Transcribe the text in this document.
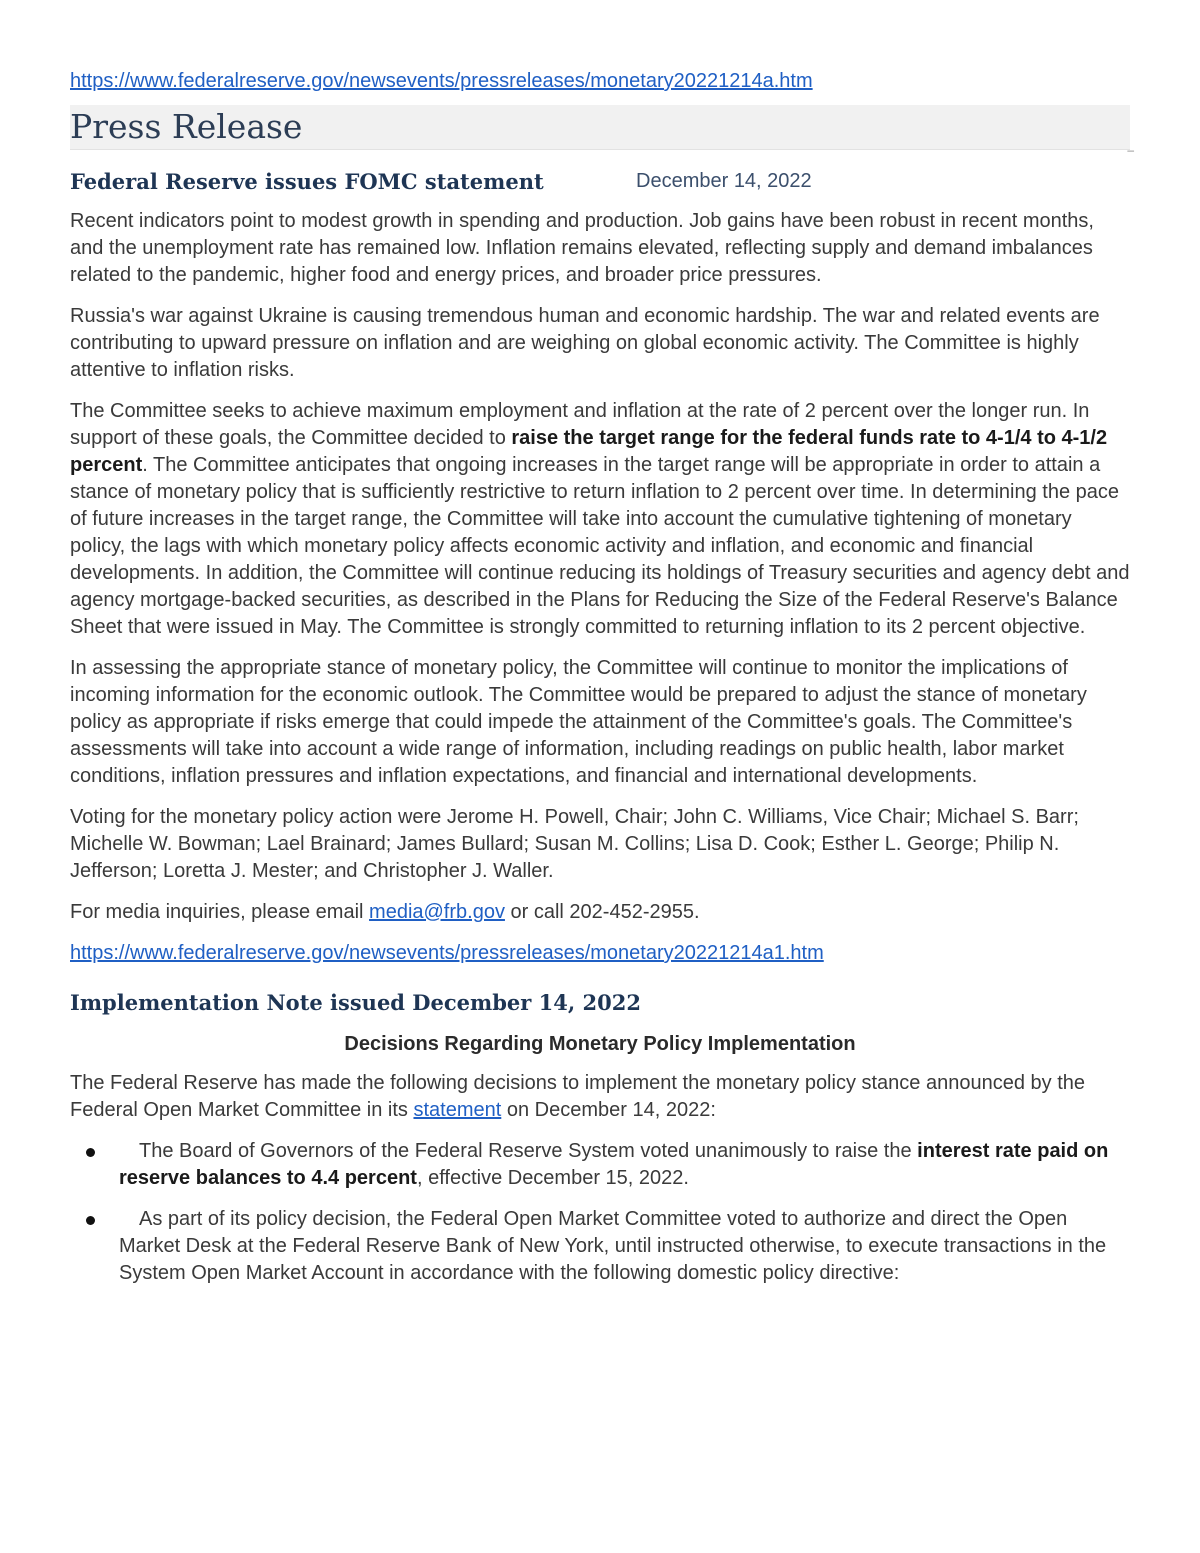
https://www.federalreserve.gov/newsevents/pressreleases/monetary20221214a.htm
Press Release
–
Federal Reserve issues FOMC statement	December 14, 2022

Recent indicators point to modest growth in spending and production. Job gains have been robust in recent months, and the unemployment rate has remained low. Inflation remains elevated, reflecting supply and demand imbalances related to the pandemic, higher food and energy prices, and broader price pressures.

Russia's war against Ukraine is causing tremendous human and economic hardship. The war and related events are contributing to upward pressure on inflation and are weighing on global economic activity. The Committee is highly attentive to inflation risks.

The Committee seeks to achieve maximum employment and inflation at the rate of 2 percent over the longer run. In support of these goals, the Committee decided to raise the target range for the federal funds rate to 4-1/4 to 4-1/2 percent. The Committee anticipates that ongoing increases in the target range will be appropriate in order to attain a stance of monetary policy that is sufficiently restrictive to return inflation to 2 percent over time. In determining the pace of future increases in the target range, the Committee will take into account the cumulative tightening of monetary policy, the lags with which monetary policy affects economic activity and inflation, and economic and financial developments. In addition, the Committee will continue reducing its holdings of Treasury securities and agency debt and agency mortgage-backed securities, as described in the Plans for Reducing the Size of the Federal Reserve's Balance Sheet that were issued in May. The Committee is strongly committed to returning inflation to its 2 percent objective.

In assessing the appropriate stance of monetary policy, the Committee will continue to monitor the implications of incoming information for the economic outlook. The Committee would be prepared to adjust the stance of monetary policy as appropriate if risks emerge that could impede the attainment of the Committee's goals. The Committee's assessments will take into account a wide range of information, including readings on public health, labor market conditions, inflation pressures and inflation expectations, and financial and international developments.

Voting for the monetary policy action were Jerome H. Powell, Chair; John C. Williams, Vice Chair; Michael S. Barr; Michelle W. Bowman; Lael Brainard; James Bullard; Susan M. Collins; Lisa D. Cook; Esther L. George; Philip N. Jefferson; Loretta J. Mester; and Christopher J. Waller.

For media inquiries, please email media@frb.gov or call 202-452-2955.

https://www.federalreserve.gov/newsevents/pressreleases/monetary20221214a1.htm

Implementation Note issued December 14, 2022
Decisions Regarding Monetary Policy Implementation

The Federal Reserve has made the following decisions to implement the monetary policy stance announced by the Federal Open Market Committee in its statement on December 14, 2022:

 The Board of Governors of the Federal Reserve System voted unanimously to raise the interest rate paid on reserve balances to 4.4 percent, effective December 15, 2022.
 As part of its policy decision, the Federal Open Market Committee voted to authorize and direct the Open Market Desk at the Federal Reserve Bank of New York, until instructed otherwise, to execute transactions in the System Open Market Account in accordance with the following domestic policy directive:
